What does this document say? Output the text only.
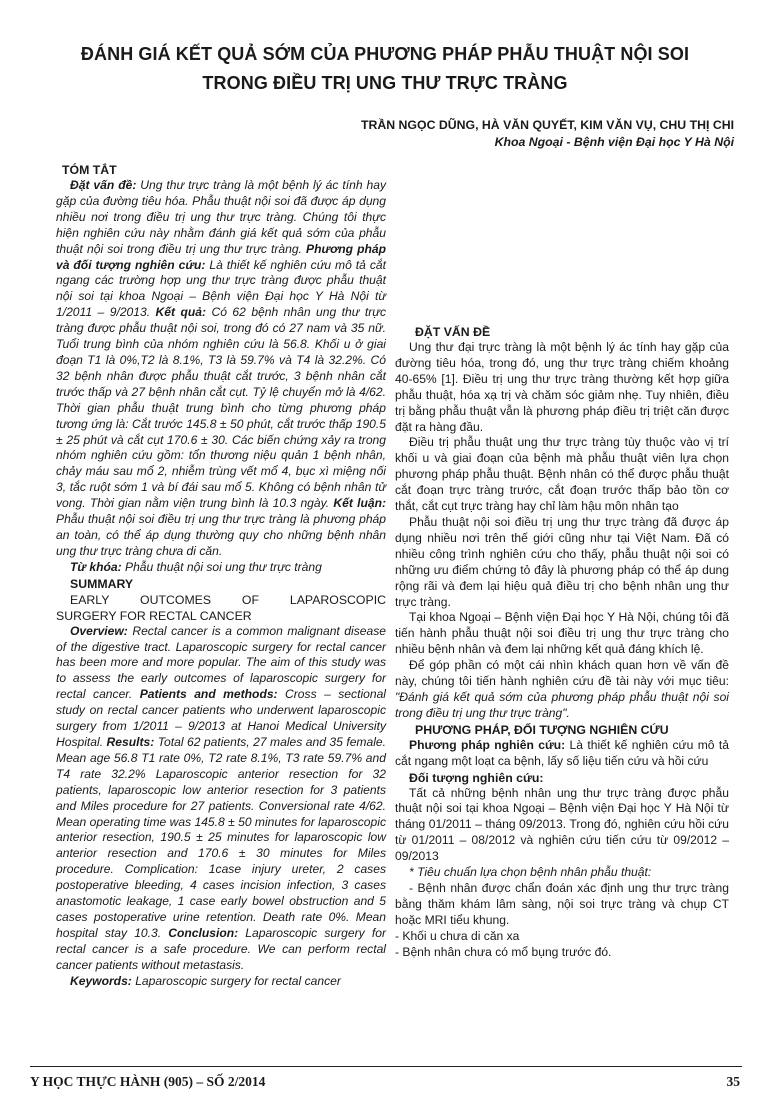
ĐÁNH GIÁ KẾT QUẢ SỚM CỦA PHƯƠNG PHÁP PHẪU THUẬT NỘI SOI
TRONG ĐIỀU TRỊ UNG THƯ TRỰC TRÀNG
TRẦN NGỌC DŨNG, HÀ VĂN QUYẾT, KIM VĂN VỤ, CHU THỊ CHI
Khoa Ngoại - Bệnh viện Đại học Y Hà Nội
TÓM TẮT

Đặt vấn đề: Ung thư trực tràng là một bệnh lý ác tính hay gặp của đường tiêu hóa. Phẫu thuật nội soi đã được áp dụng nhiều nơi trong điều trị ung thư trực tràng. Chúng tôi thực hiện nghiên cứu này nhằm đánh giá kết quả sớm của phẫu thuật nội soi trong điều trị ung thư trực tràng. Phương pháp và đối tượng nghiên cứu: Là thiết kế nghiên cứu mô tả cắt ngang các trường hợp ung thư trực tràng được phẫu thuật nội soi tại khoa Ngoại – Bệnh viện Đại học Y Hà Nội từ 1/2011 – 9/2013. Kết quả: Có 62 bệnh nhân ung thư trực tràng được phẫu thuật nội soi, trong đó có 27 nam và 35 nữ. Tuổi trung bình của nhóm nghiên cứu là 56.8. Khối u ở giai đoạn T1 là 0%,T2 là 8.1%, T3 là 59.7% và T4 là 32.2%. Có 32 bệnh nhân được phẫu thuật cắt trước, 3 bệnh nhân cắt trước thấp và 27 bệnh nhân cắt cụt. Tỷ lệ chuyển mở là 4/62. Thời gian phẫu thuật trung bình cho từng phương pháp tương ứng là: Cắt trước 145.8 ± 50 phút, cắt trước thấp 190.5 ± 25 phút và cắt cụt 170.6 ± 30. Các biến chứng xảy ra trong nhóm nghiên cứu gồm: tổn thương niệu quản 1 bệnh nhân, chảy máu sau mổ 2, nhiễm trùng vết mổ 4, bục xì miệng nối 3, tắc ruột sớm 1 và bí đái sau mổ 5. Không có bệnh nhân tử vong. Thời gian nằm viện trung bình là 10.3 ngày. Kết luận: Phẫu thuật nội soi điều trị ung thư trực tràng là phương pháp an toàn, có thể áp dụng thường quy cho những bệnh nhân ung thư trực tràng chưa di căn.

Từ khóa: Phẫu thuật nội soi ung thư trực tràng

SUMMARY
EARLY OUTCOMES OF LAPAROSCOPIC
SURGERY FOR RECTAL CANCER

Overview: Rectal cancer is a common malignant disease of the digestive tract. Laparoscopic surgery for rectal cancer has been more and more popular. The aim of this study was to assess the early outcomes of laparoscopic surgery for rectal cancer. Patients and methods: Cross – sectional study on rectal cancer patients who underwent laparoscopic surgery from 1/2011 – 9/2013 at Hanoi Medical University Hospital. Results: Total 62 patients, 27 males and 35 female. Mean age 56.8 T1 rate 0%, T2 rate 8.1%, T3 rate 59.7% and T4 rate 32.2% Laparoscopic anterior resection for 32 patients, laparoscopic low anterior resection for 3 patients and Miles procedure for 27 patients. Conversional rate 4/62. Mean operating time was 145.8 ± 50 minutes for laparoscopic anterior resection, 190.5 ± 25 minutes for laparoscopic low anterior resection and 170.6 ± 30 minutes for Miles procedure. Complication: 1case injury ureter, 2 cases postoperative bleeding, 4 cases incision infection, 3 cases anastomotic leakage, 1 case early bowel obstruction and 5 cases postoperative urine retention. Death rate 0%. Mean hospital stay 10.3. Conclusion: Laparoscopic surgery for rectal cancer is a safe procedure. We can perform rectal cancer patients without metastasis.

Keywords: Laparoscopic surgery for rectal cancer

ĐẶT VẤN ĐỀ

Ung thư đại trực tràng là một bệnh lý ác tính hay gặp của đường tiêu hóa, trong đó, ung thư trực tràng chiếm khoảng 40-65% [1]. Điều trị ung thư trực tràng thường kết hợp giữa phẫu thuật, hóa xạ trị và chăm sóc giảm nhẹ. Tuy nhiên, điều trị bằng phẫu thuật vẫn là phương pháp điều trị triệt căn được đặt ra hàng đầu.

Điều trị phẫu thuật ung thư trực tràng tùy thuộc vào vị trí khối u và giai đoạn của bệnh mà phẫu thuật viên lựa chọn phương pháp phẫu thuật. Bệnh nhân có thể được phẫu thuật cắt đoạn trực tràng trước, cắt đoạn trước thấp bảo tồn cơ thắt, cắt cụt trực tràng hay chỉ làm hậu môn nhân tạo

Phẫu thuật nội soi điều trị ung thư trực tràng đã được áp dụng nhiều nơi trên thế giới cũng như tại Việt Nam. Đã có nhiều công trình nghiên cứu cho thấy, phẫu thuật nội soi có những ưu điểm chứng tỏ đây là phương pháp có thể áp dung rộng rãi và đem lại hiệu quả điều trị cho bệnh nhân ung thư trực tràng.

Tại khoa Ngoại – Bệnh viện Đại học Y Hà Nội, chúng tôi đã tiến hành phẫu thuật nội soi điều trị ung thư trực tràng cho nhiều bệnh nhân và đem lại những kết quả đáng khích lệ.

Để góp phần có một cái nhìn khách quan hơn về vấn đề này, chúng tôi tiến hành nghiên cứu đề tài này với mục tiêu: "Đánh giá kết quả sớm của phương pháp phẫu thuật nội soi trong điều trị ung thư trực tràng".

PHƯƠNG PHÁP, ĐỐI TƯỢNG NGHIÊN CỨU

Phương pháp nghiên cứu: Là thiết kế nghiên cứu mô tả cắt ngang một loạt ca bệnh, lấy số liệu tiến cứu và hồi cứu

Đối tượng nghiên cứu:

Tất cả những bệnh nhân ung thư trực tràng được phẫu thuật nội soi tại khoa Ngoại – Bệnh viện Đại học Y Hà Nội từ tháng 01/2011 – tháng 09/2013. Trong đó, nghiên cứu hồi cứu từ 01/2011 – 08/2012 và nghiên cứu tiến cứu từ 09/2012 – 09/2013

* Tiêu chuẩn lựa chọn bệnh nhân phẫu thuật:

- Bệnh nhân được chẩn đoán xác định ung thư trực tràng bằng thăm khám lâm sàng, nội soi trực tràng và chụp CT hoặc MRI tiểu khung.

- Khối u chưa di căn xa

- Bệnh nhân chưa có mổ bụng trước đó.

Y HỌC THỰC HÀNH (905) – SỐ 2/2014	35
